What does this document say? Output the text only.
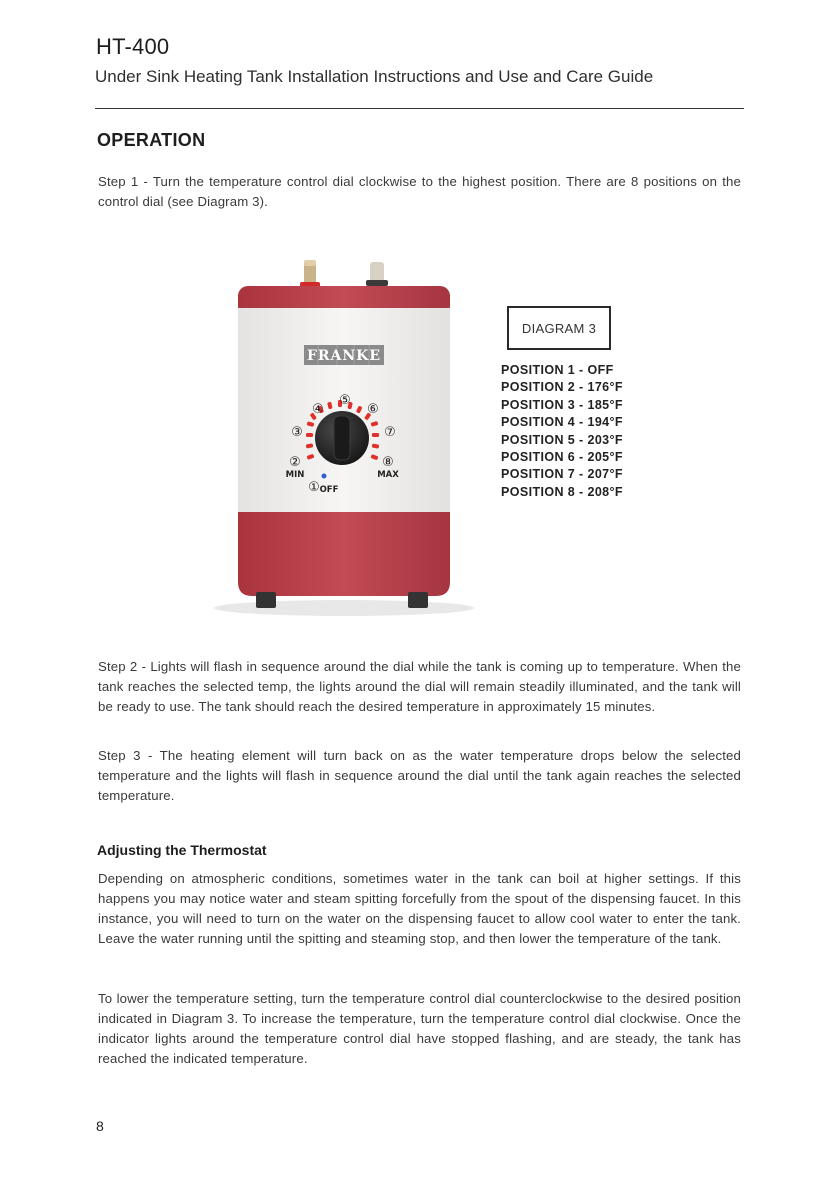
HT-400
Under Sink Heating Tank Installation Instructions and Use and Care Guide
OPERATION
Step 1 - Turn the temperature control dial clockwise to the highest position. There are 8 positions on the control dial (see Diagram 3).
FRANKE
①
②
③
④
⑤
⑥
⑦
⑧
MIN	MAX
OFF
DIAGRAM 3
POSITION 1 - OFF
POSITION 2 - 176°F
POSITION 3 - 185°F
POSITION 4 - 194°F
POSITION 5 - 203°F
POSITION 6 - 205°F
POSITION 7 - 207°F
POSITION 8 - 208°F
Step 2 - Lights will flash in sequence around the dial while the tank is coming up to temperature. When the tank reaches the selected temp, the lights around the dial will remain steadily illuminated, and the tank will be ready to use. The tank should reach the desired temperature in approximately 15 minutes.
Step 3 - The heating element will turn back on as the water temperature drops below the selected temperature and the lights will flash in sequence around the dial until the tank again reaches the selected temperature.
Adjusting the Thermostat
Depending on atmospheric conditions, sometimes water in the tank can boil at higher settings. If this happens you may notice water and steam spitting forcefully from the spout of the dispensing faucet. In this instance, you will need to turn on the water on the dispensing faucet to allow cool water to enter the tank. Leave the water running until the spitting and steaming stop, and then lower the temperature of the tank.
To lower the temperature setting, turn the temperature control dial counterclockwise to the desired position indicated in Diagram 3. To increase the temperature, turn the temperature control dial clockwise. Once the indicator lights around the temperature control dial have stopped flashing, and are steady, the tank has reached the indicated temperature.
8
